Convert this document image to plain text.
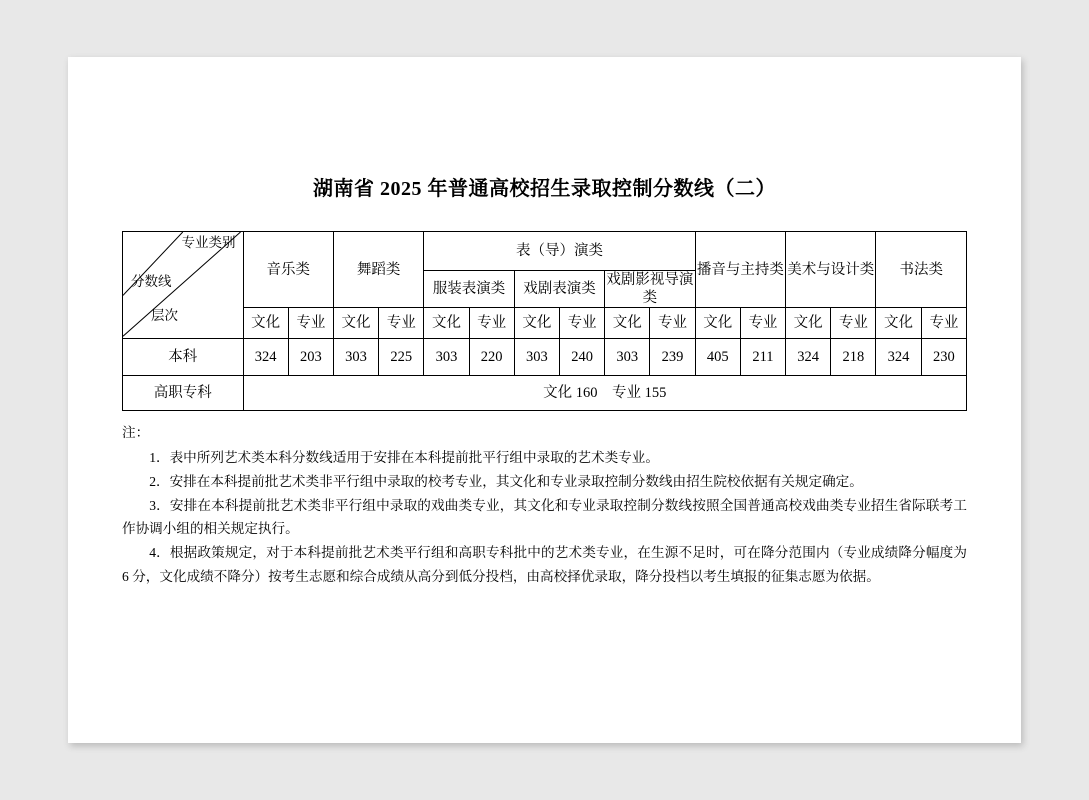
湖南省 2025 年普通高校招生录取控制分数线（二）
专业类别
分数线
层次	音乐类		舞蹈类		表（导）演类						播音与主持类		美术与设计类		书法类	
					服装表演类		戏剧表演类		戏剧影视导演类							
	文化	专业	文化	专业	文化	专业	文化	专业	文化	专业	文化	专业	文化	专业	文化	专业
本科	324	203	303	225	303	220	303	240	303	239	405	211	324	218	324	230
高职专科	文化 160　专业 155															

注：

1．表中所列艺术类本科分数线适用于安排在本科提前批平行组中录取的艺术类专业。

2．安排在本科提前批艺术类非平行组中录取的校考专业，其文化和专业录取控制分数线由招生院校依据有关规定确定。

3．安排在本科提前批艺术类非平行组中录取的戏曲类专业，其文化和专业录取控制分数线按照全国普通高校戏曲类专业招生省际联考工作协调小组的相关规定执行。

4．根据政策规定，对于本科提前批艺术类平行组和高职专科批中的艺术类专业，在生源不足时，可在降分范围内（专业成绩降分幅度为 6 分，文化成绩不降分）按考生志愿和综合成绩从高分到低分投档，由高校择优录取，降分投档以考生填报的征集志愿为依据。
